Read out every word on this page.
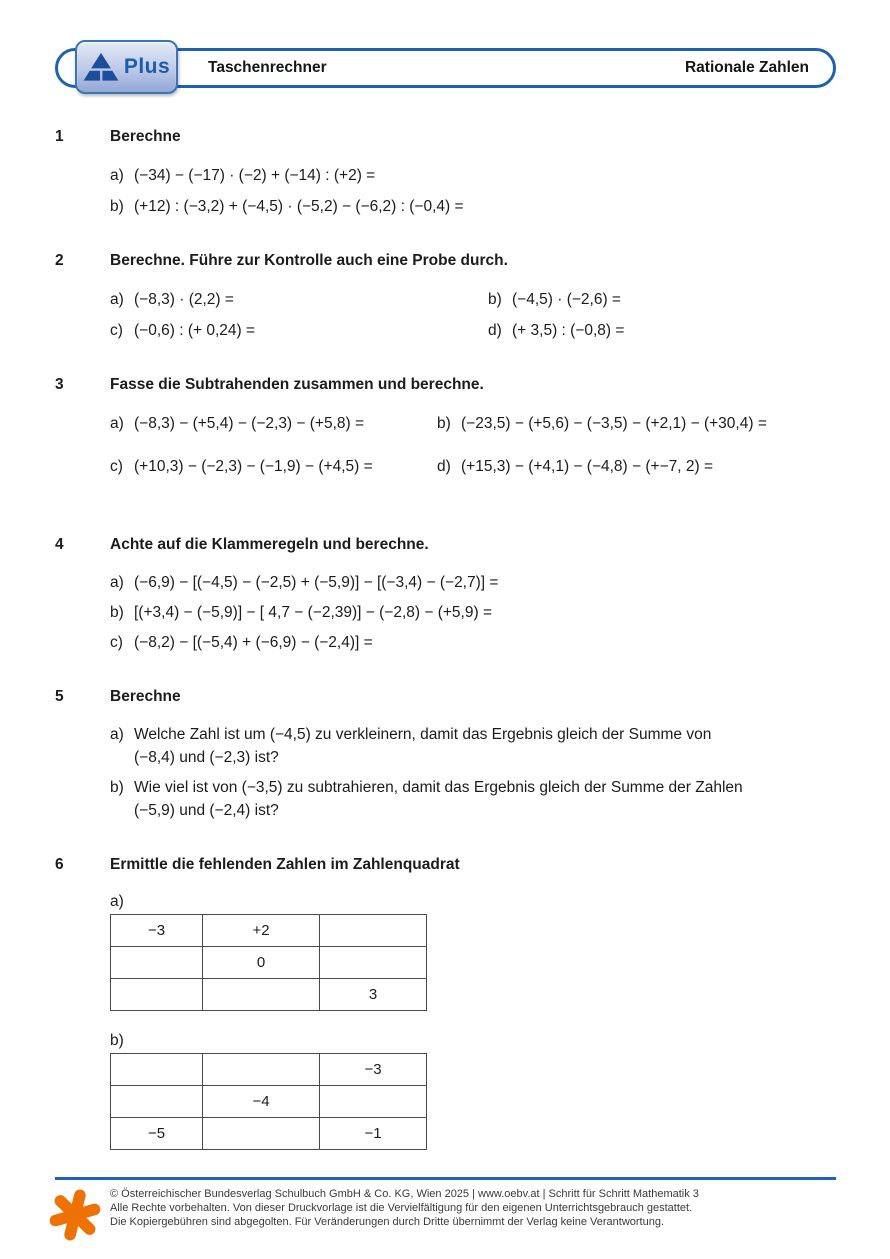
Taschenrechner	Rationale Zahlen
Plus
1	Berechne
a) (−34) − (−17) · (−2) + (−14) : (+2) =
b) (+12) : (−3,2) + (−4,5) · (−5,2) − (−6,2) : (−0,4) =
2	Berechne. Führe zur Kontrolle auch eine Probe durch.
a) (−8,3) · (2,2) =	b) (−4,5) · (−2,6) =
c) (−0,6) : (+ 0,24) =	d) (+ 3,5) : (−0,8) =
3	Fasse die Subtrahenden zusammen und berechne.
a) (−8,3) − (+5,4) − (−2,3) − (+5,8) =	b) (−23,5) − (+5,6) − (−3,5) − (+2,1) − (+30,4) =
c) (+10,3) − (−2,3) − (−1,9) − (+4,5) =	d) (+15,3) − (+4,1) − (−4,8) − (+−7, 2) =
4	Achte auf die Klammeregeln und berechne.
a) (−6,9) − [(−4,5) − (−2,5) + (−5,9)] − [(−3,4) − (−2,7)] =
b) [(+3,4) − (−5,9)] − [ 4,7 − (−2,39)] − (−2,8) − (+5,9) =
c) (−8,2) − [(−5,4) + (−6,9) − (−2,4)] =
5	Berechne
a) Welche Zahl ist um (−4,5) zu verkleinern, damit das Ergebnis gleich der Summe von
(−8,4) und (−2,3) ist?
b) Wie viel ist von (−3,5) zu subtrahieren, damit das Ergebnis gleich der Summe der Zahlen
(−5,9) und (−2,4) ist?
6	Ermittle die fehlenden Zahlen im Zahlenquadrat
a)
−3	+2	
	0	
		3
b)
		−3
	−4	
−5		−1
© Österreichischer Bundesverlag Schulbuch GmbH & Co. KG, Wien 2025 | www.oebv.at | Schritt für Schritt Mathematik 3
Alle Rechte vorbehalten. Von dieser Druckvorlage ist die Vervielfältigung für den eigenen Unterrichtsgebrauch gestattet.
Die Kopiergebühren sind abgegolten. Für Veränderungen durch Dritte übernimmt der Verlag keine Verantwortung.
